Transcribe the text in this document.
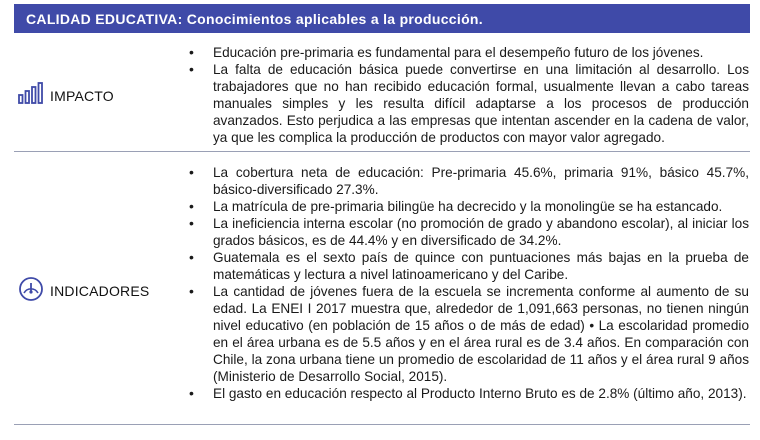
CALIDAD EDUCATIVA: Conocimientos aplicables a la producción.
IMPACTO
• Educación pre-primaria es fundamental para el desempeño futuro de los jóvenes.
• La falta de educación básica puede convertirse en una limitación al desarrollo. Los trabajadores que no han recibido educación formal, usualmente llevan a cabo tareas manuales simples y les resulta difícil adaptarse a los procesos de producción avanzados. Esto perjudica a las empresas que intentan ascender en la cadena de valor, ya que les complica la producción de productos con mayor valor agregado.
INDICADORES
• La cobertura neta de educación: Pre-primaria 45.6%, primaria 91%, básico 45.7%, básico-diversificado 27.3%.
• La matrícula de pre-primaria bilingüe ha decrecido y la monolingüe se ha estancado.
• La ineficiencia interna escolar (no promoción de grado y abandono escolar), al iniciar los grados básicos, es de 44.4% y en diversificado de 34.2%.
• Guatemala es el sexto país de quince con puntuaciones más bajas en la prueba de matemáticas y lectura a nivel latinoamericano y del Caribe.
• La cantidad de jóvenes fuera de la escuela se incrementa conforme al aumento de su edad. La ENEI I 2017 muestra que, alrededor de 1,091,663 personas, no tienen ningún nivel educativo (en población de 15 años o de más de edad) • La escolaridad promedio en el área urbana es de 5.5 años y en el área rural es de 3.4 años. En comparación con Chile, la zona urbana tiene un promedio de escolaridad de 11 años y el área rural 9 años (Ministerio de Desarrollo Social, 2015).
• El gasto en educación respecto al Producto Interno Bruto es de 2.8% (último año, 2013).
